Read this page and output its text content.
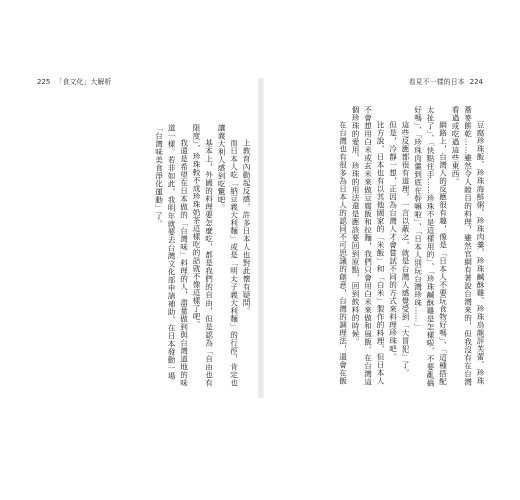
225 「食文化」大解析

上教育內動起反感，許多日本人也對此懷有疑問。

而日本人吃「納豆義大利麵」或是「明太子義大利麵」的行徑，肯定也讓義大利人感到吃驚吧。

基本上，外國的料理要怎麼吃，都是我們的自由，但是認為「自由也有限度」，珍珠較不成珍珠奶茶這樣吃的話就不像這樣了吧。

我還是希望在日本做的「台灣味」料理的人，盡量做到與台灣道地的味道一樣。若非如此，我明年就要去台灣文化部申請補助，在日本發動一場「台灣味美食淨化運動」了。

看見不一樣的日本 224

豆腐珍珠飯、珍珠海鮮粥、珍珠肉羹、珍珠鹹酥雞、珍珠烏龍評芙蕾、珍珠蕎麥餅乾……雖然令人瞠目的料理，雖然官網有著說台灣來的，但我沒有在台灣看過或吃過這些東西。

網路上，台灣人的反應很有趣，像是「日本人不要玩食物好嗎」、「這種搭配太扯了」、「快點住手……珍珠不是這樣用的」、「珍珠鹹酥雞是怎樣啦，不要亂搞好嗎」、「珍珠肉羹到底在幹嘛啦」、「日本人別玩台灣珍珠……」

這些反應都很有道理，一言以蔽之，就是台灣人感覺受到「大冒犯」了。

但是，冷靜一想，正因為台灣人才會嘗試不同的方式來料理珍珠吧。

比方說，日本也有以其他國家的「米飯」和「白米」製作的料理，但日本人不會想用白米或玄米來做豆腐飯和拉麵，我們只會用白米來做和風飯。在台灣這個珍珠的愛用，珍珠的用法還是應該要回到原點，回到飲料的時候。

在台灣也有很多為日本人的認同不可思議的創意，台灣的調理法，還會在飯
